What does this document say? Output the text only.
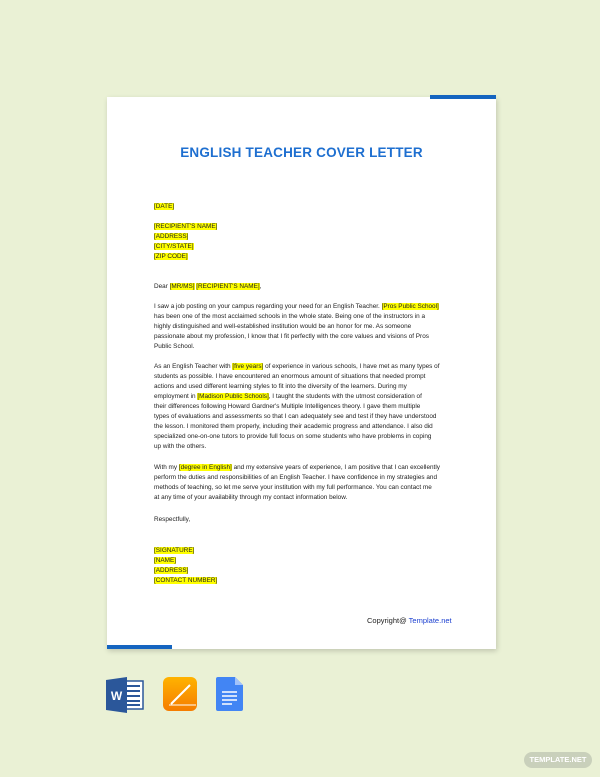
ENGLISH TEACHER COVER LETTER
[DATE]
[RECIPIENT'S NAME]
[ADDRESS]
[CITY/STATE]
[ZIP CODE]
Dear [MR/MS] [RECIPIENT'S NAME],
I saw a job posting on your campus regarding your need for an English Teacher. [Pros Public School]
has been one of the most acclaimed schools in the whole state. Being one of the instructors in a
highly distinguished and well-established institution would be an honor for me. As someone
passionate about my profession, I know that I fit perfectly with the core values and visions of Pros
Public School.
As an English Teacher with [five years] of experience in various schools, I have met as many types of
students as possible. I have encountered an enormous amount of situations that needed prompt
actions and used different learning styles to fit into the diversity of the learners. During my
employment in [Madison Public Schools], I taught the students with the utmost consideration of
their differences following Howard Gardner's Multiple Intelligences theory. I gave them multiple
types of evaluations and assessments so that I can adequately see and test if they have understood
the lesson. I monitored them properly, including their academic progress and attendance. I also did
specialized one-on-one tutors to provide full focus on some students who have problems in coping
up with the others.
With my [degree in English] and my extensive years of experience, I am positive that I can excellently
perform the duties and responsibilities of an English Teacher. I have confidence in my strategies and
methods of teaching, so let me serve your institution with my full performance. You can contact me
at any time of your availability through my contact information below.
Respectfully,
[SIGNATURE]
[NAME]
[ADDRESS]
[CONTACT NUMBER]
Copyright@ Template.net
W
TEMPLATE.NET
